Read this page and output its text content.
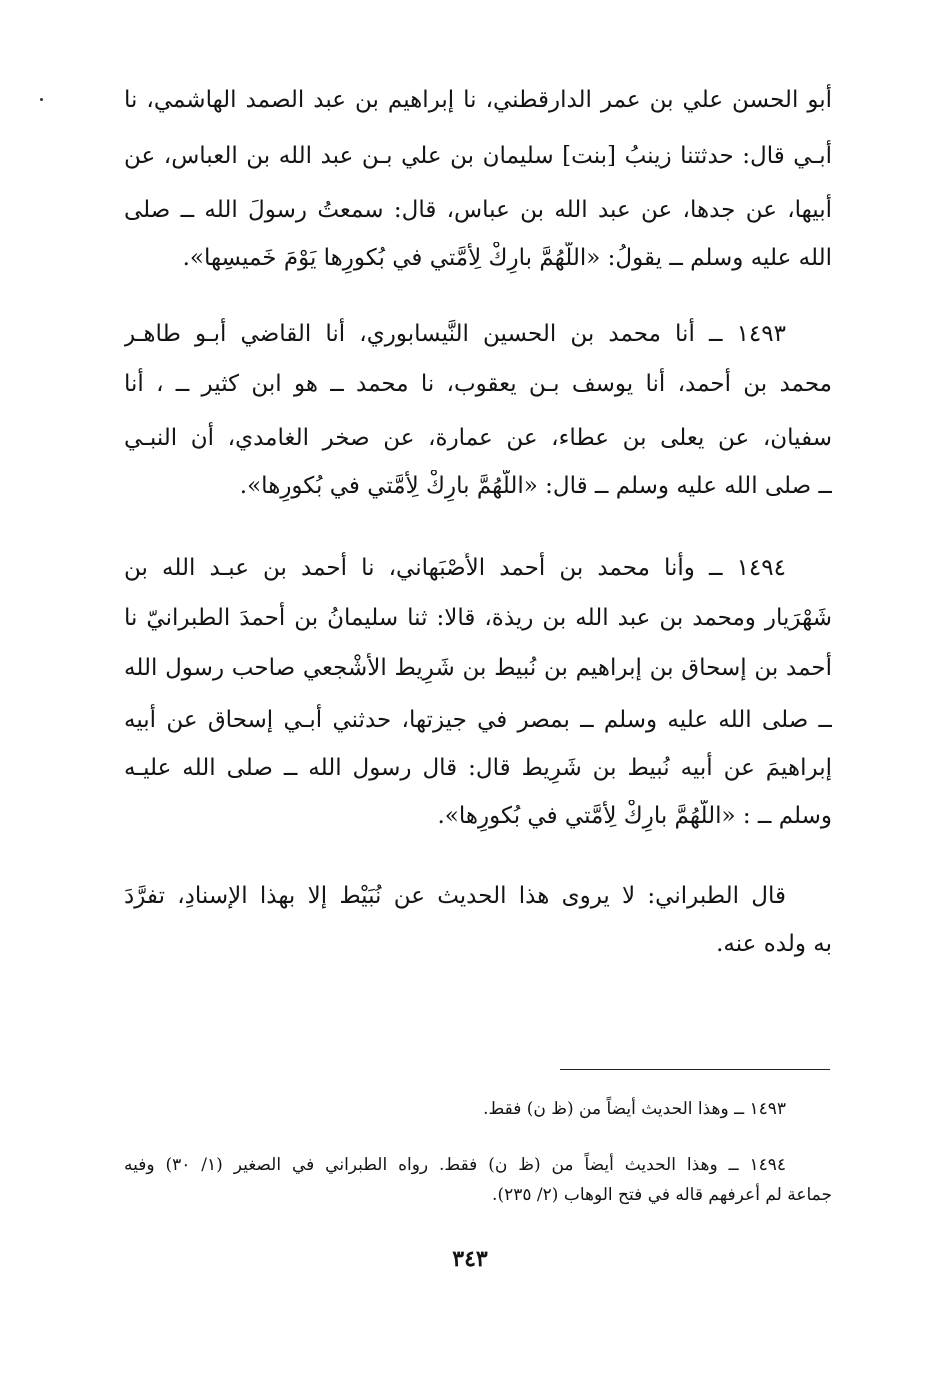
أبو الحسن علي بن عمر الدارقطني، نا إبراهيم بن عبد الصمد الهاشمي، نا
أبـي قال: حدثتنا زينبُ [بنت] سليمان بن علي بـن عبد الله بن العباس، عن
أبيها، عن جدها، عن عبد الله بن عباس، قال: سمعتُ رسولَ الله ــ صلى
الله عليه وسلم ــ يقولُ: «اللَّهُمَّ بارِكْ لِأمَّتي في بُكورِها يَوْمَ خَميسِها».
١٤٩٣ ــ أنا محمد بن الحسين النَّيسابوري، أنا القاضي أبـو طاهـر
محمد بن أحمد، أنا يوسف بـن يعقوب، نا محمد ــ هو ابن كثير ــ ، أنا
سفيان، عن يعلى بن عطاء، عن عمارة، عن صخر الغامدي، أن النبـي
ــ صلى الله عليه وسلم ــ قال: «اللَّهُمَّ بارِكْ لِأمَّتي في بُكورِها».
١٤٩٤ ــ وأنا محمد بن أحمد الأَصْبَهاني، نا أحمد بن عبـد الله بن
شَهْرَيار ومحمد بن عبد الله بن ريذة، قالا: ثنا سليمانُ بن أحمدَ الطبرانيّ نا
أحمد بن إسحاق بن إبراهيم بن نُبيط بن شَرِيط الأَشْجعي صاحب رسول الله
ــ صلى الله عليه وسلم ــ بمصر في جيزتها، حدثني أبـي إسحاق عن أبيه
إبراهيمَ عن أبيه نُبيط بن شَرِيط قال: قال رسول الله ــ صلى الله عليـه
وسلم ــ : «اللَّهُمَّ بارِكْ لِأمَّتي في بُكورِها».
قال الطبراني: لا يروى هذا الحديث عن نُبَيْط إلا بهذا الإسنادِ، تفرَّدَ
به ولده عنه.
١٤٩٣ ــ وهذا الحديث أيضاً من (ظ ن) فقط.
١٤٩٤ ــ وهذا الحديث أيضاً من (ظ ن) فقط. رواه الطبراني في الصغير (١/ ٣٠) وفيه
جماعة لم أعرفهم قاله في فتح الوهاب (٢/ ٢٣٥).
٣٤٣
